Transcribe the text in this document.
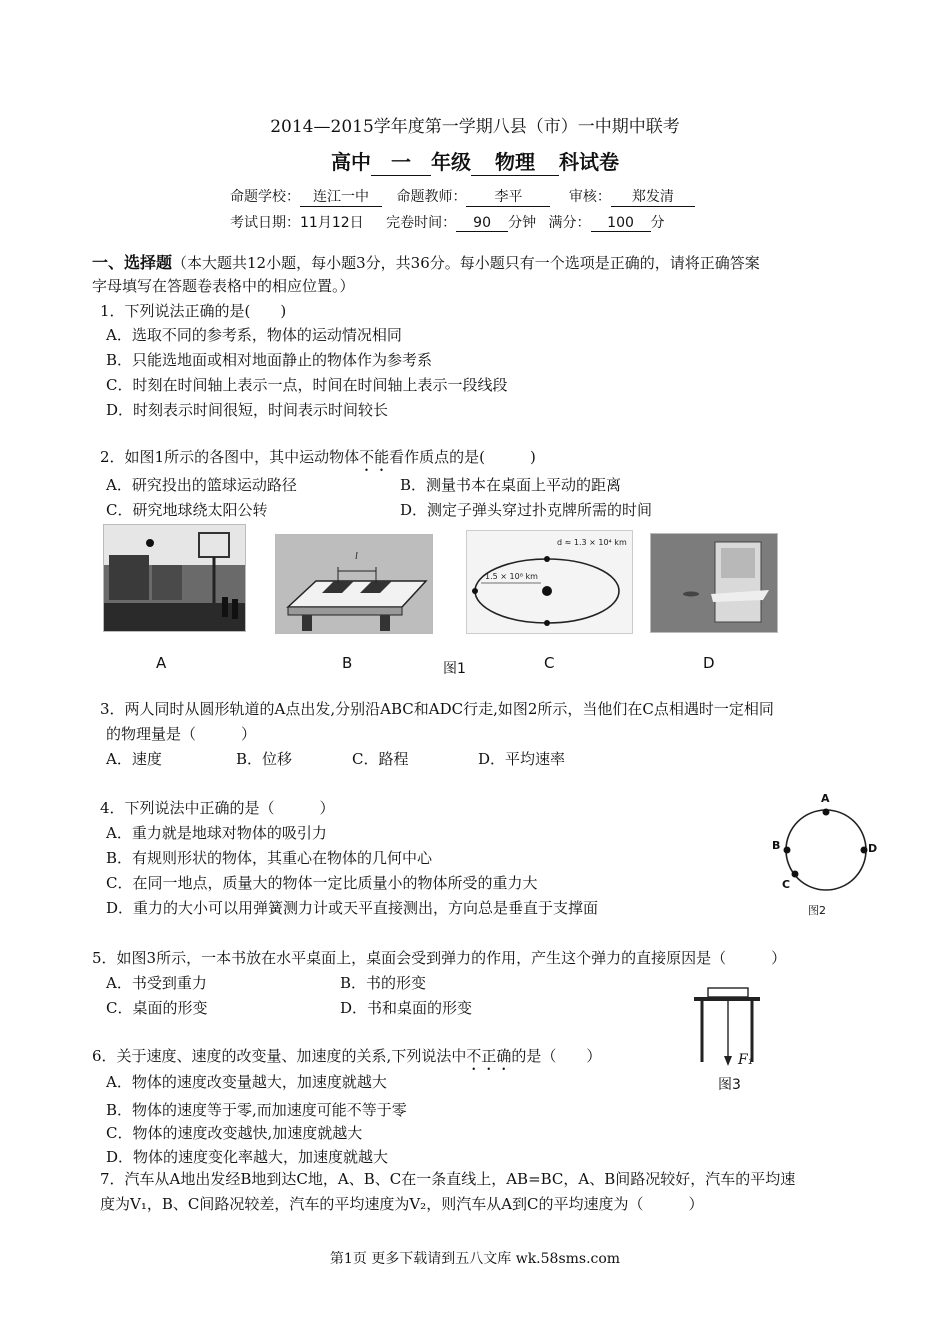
2014—2015学年度第一学期八县（市）一中期中联考
高中 一 年级 物理 科试卷
命题学校： 连江一中 命题教师： 李平	审核： 郑发清
考试日期：11月12日 完卷时间： 90 分钟 满分： 100 分
一、选择题（本大题共12小题，每小题3分，共36分。每小题只有一个选项是正确的，请将正确答案
字母填写在答题卷表格中的相应位置。）
1．下列说法正确的是(　　)
A．选取不同的参考系，物体的运动情况相同
B．只能选地面或相对地面静止的物体作为参考系
C．时刻在时间轴上表示一点，时间在时间轴上表示一段线段
D．时刻表示时间很短，时间表示时间较长
2．如图1所示的各图中，其中运动物体不能看作质点的是(　　　)
A．研究投出的篮球运动路径	B．测量书本在桌面上平动的距离
C．研究地球绕太阳公转	D．测定子弹头穿过扑克牌所需的时间
l
d ≈ 1.3 × 10⁴ km
1.5 × 10⁸ km
A	B	图1	C	D
3．两人同时从圆形轨道的A点出发,分别沿ABC和ADC行走,如图2所示，当他们在C点相遇时一定相同
的物理量是（　　　）
A．速度	B．位移	C．路程	D．平均速率
4．下列说法中正确的是（　　　）
A．重力就是地球对物体的吸引力
B．有规则形状的物体，其重心在物体的几何中心
C．在同一地点，质量大的物体一定比质量小的物体所受的重力大
D．重力的大小可以用弹簧测力计或天平直接测出，方向总是垂直于支撑面
A
B
C
D
图2
5．如图3所示，一本书放在水平桌面上，桌面会受到弹力的作用，产生这个弹力的直接原因是（　　　）
A．书受到重力	B．书的形变
C．桌面的形变	D．书和桌面的形变
F₁
图3
6．关于速度、速度的改变量、加速度的关系,下列说法中不正确的是（　　）
A．物体的速度改变量越大，加速度就越大
B．物体的速度等于零,而加速度可能不等于零
C．物体的速度改变越快,加速度就越大
D．物体的速度变化率越大，加速度就越大
7．汽车从A地出发经B地到达C地，A、B、C在一条直线上，AB=BC，A、B间路况较好，汽车的平均速
度为V₁，B、C间路况较差，汽车的平均速度为V₂，则汽车从A到C的平均速度为（　　　）
第1页 更多下载请到五八文库 wk.58sms.com
